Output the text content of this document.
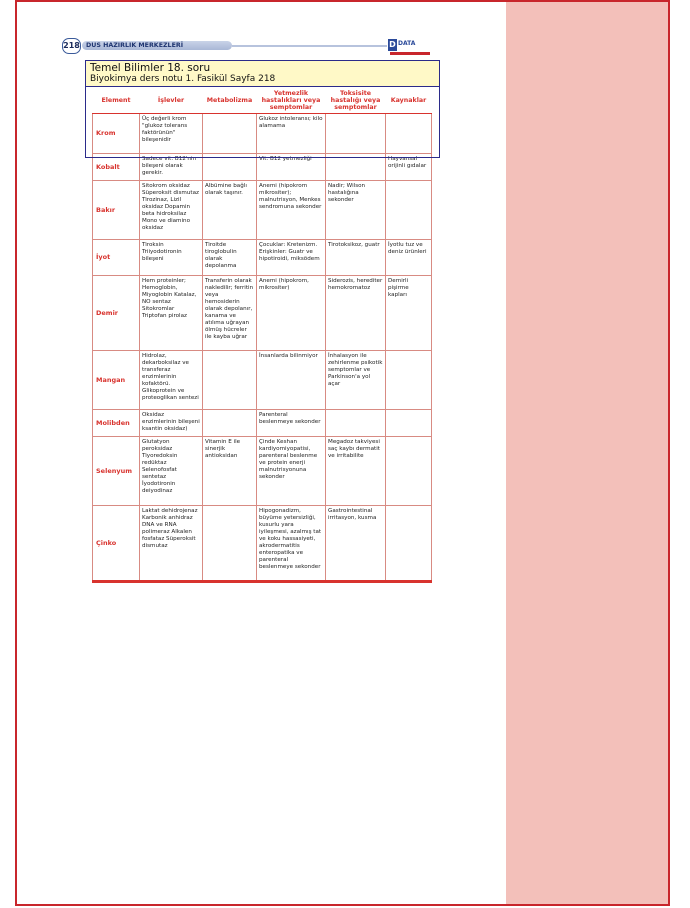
218 DUS HAZIRLIK MERKEZLERİ	D DATA
Temel Bilimler 18. soru
Biyokimya ders notu 1. Fasikül Sayfa 218
Element	İşlevler	Metabolizma	Yetmezlik hastalıkları veya semptomlar	Toksisite hastalığı veya semptomlar	Kaynaklar
Krom	Üç değerli krom "glukoz tolerans faktörünün" bileşenidir		Glukoz intoleransı; kilo alamama		
Kobalt	Sadece vit. B12'nin bileşeni olarak gerekir.		Vit. B12 yetmezliği		Hayvansal orijinli gıdalar
Bakır	Sitokrom oksidaz Süperoksit dismutaz Tirozinaz, Lizil oksidaz Dopamin beta hidroksilaz Mono ve diamino oksidaz	Albümine bağlı olarak taşınır.	Anemi (hipokrom mikrositer); malnutrisyon, Menkes sendromuna sekonder	Nadir; Wilson hastalığına sekonder	
İyot	Tiroksin Triiyodotironin bileşeni	Tiroitde tiroglobulin olarak depolanma	Çocuklar: Kretenizm. Erişkinler: Guatr ve hipotiroidi, miksödem	Tirotoksikoz, guatr	İyotlu tuz ve deniz ürünleri
Demir	Hem proteinler; Hemoglobin, Miyoglobin Katalaz, NO sentaz Sitokromlar Triptofan pirolaz	Transferin olarak nakledilir; ferritin veya hemosiderin olarak depolanır, kanama ve atılıma uğrayan ölmüş hücreler ile kayba uğrar	Anemi (hipokrom, mikrositer)	Siderozis, herediter hemokromatoz	Demirli pişirme kapları
Mangan	Hidrolaz, dekarboksilaz ve transferaz enzimlerinin kofaktörü. Glikoprotein ve proteoglikan sentezi		İnsanlarda bilinmiyor	İnhalasyon ile zehirlenme psikotik semptomlar ve Parkinson'a yol açar	
Molibden	Oksidaz enzimlerinin bileşeni ksantin oksidaz)		Parenteral beslenmeye sekonder		
Selenyum	Glutatyon peroksidaz Tiyoredoksin redüktaz Selenofosfat sentetaz İyodotironin deiyodinaz	Vitamin E ile sinerjik antioksidan	Çinde Keshan kardiyomiyopatisi, parenteral beslenme ve protein enerji malnutrisyonuna sekonder	Megadoz takviyesi saç kaybı dermatit ve irritabilite	
Çinko	Laktat dehidrojenaz Karbonik anhidraz DNA ve RNA polimeraz Alkalen fosfataz Süperoksit dismutaz		Hipogonadizm, büyüme yetersizliği, kusurlu yara iyileşmesi, azalmış tat ve koku hassasiyeti, akrodermatitis enteropatika ve parenteral beslenmeye sekonder	Gastrointestinal irritasyon, kusma	
